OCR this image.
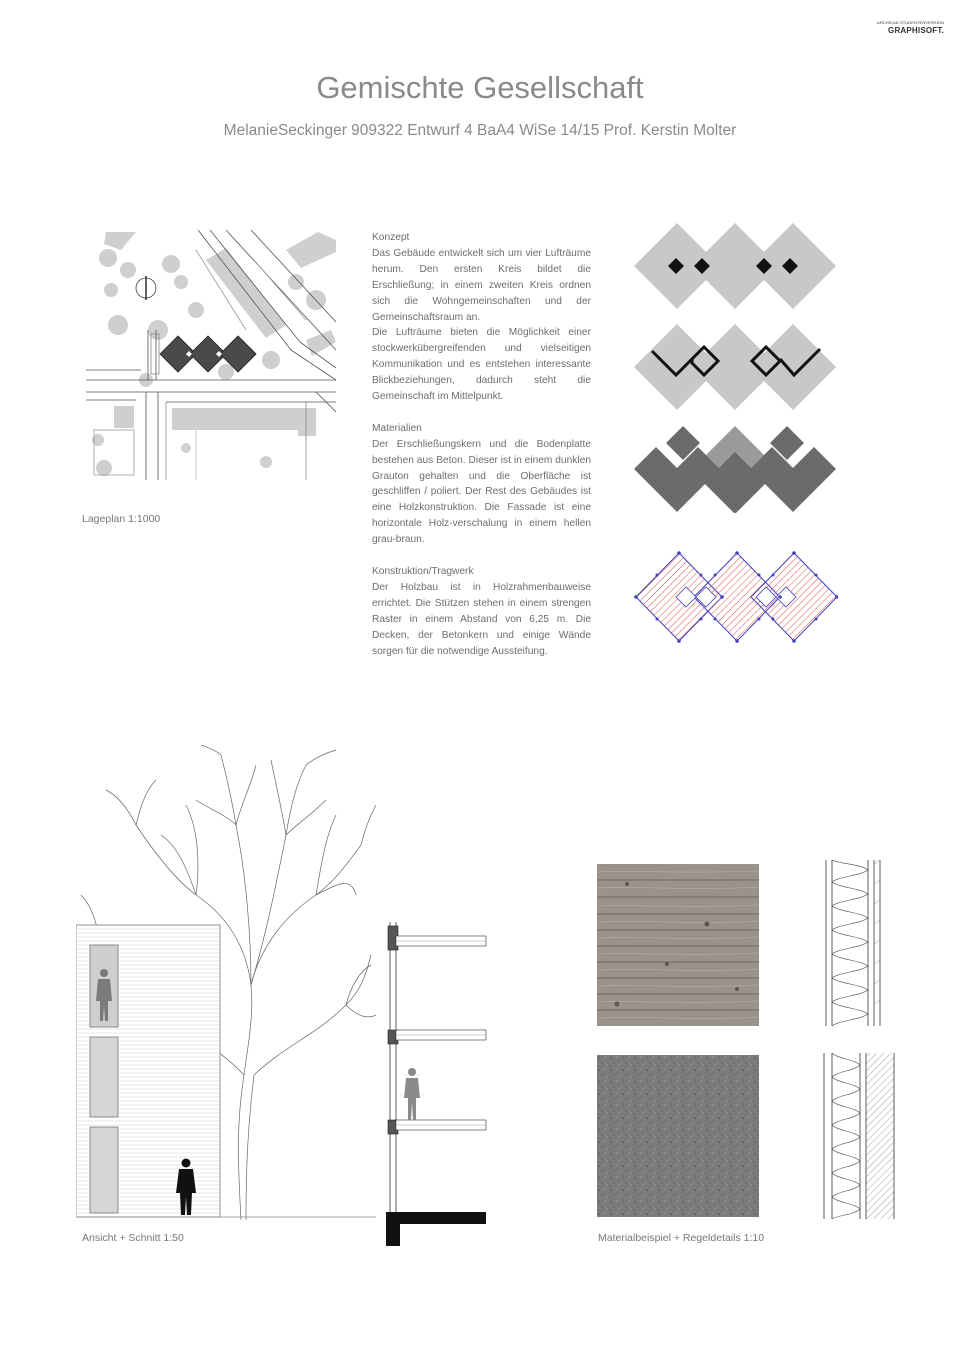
ARCHICAD STUDENTENVERSION
GRAPHISOFT.
Gemischte Gesellschaft
MelanieSeckinger 909322 Entwurf 4 BaA4 WiSe 14/15 Prof. Kerstin Molter
Lageplan 1:1000
Konzept

Das Gebäude entwickelt sich um vier Lufträume herum. Den ersten Kreis bildet die Erschließung; in einem zweiten Kreis ordnen sich die Wohngemeinschaften und der Gemeinschaftsraum an.

Die Lufträume bieten die Möglichkeit einer stockwerkübergreifenden und vielseitigen Kommunikation und es entstehen interessante Blickbeziehungen, dadurch steht die Gemeinschaft im Mittelpunkt.

Materialien

Der Erschließungskern und die Bodenplatte bestehen aus Beton. Dieser ist in einem dunklen Grauton gehalten und die Oberfläche ist geschliffen / poliert. Der Rest des Gebäudes ist eine Holzkonstruktion. Die Fassade ist eine horizontale Holz-verschalung in einem hellen grau-braun.

Konstruktion/Tragwerk

Der Holzbau ist in Holzrahmenbauweise errichtet. Die Stützen stehen in einem strengen Raster in einem Abstand von 6,25 m. Die Decken, der Betonkern und einige Wände sorgen für die notwendige Aussteifung.

Ansicht + Schnitt 1:50	Materialbeispiel + Regeldetails 1:10
